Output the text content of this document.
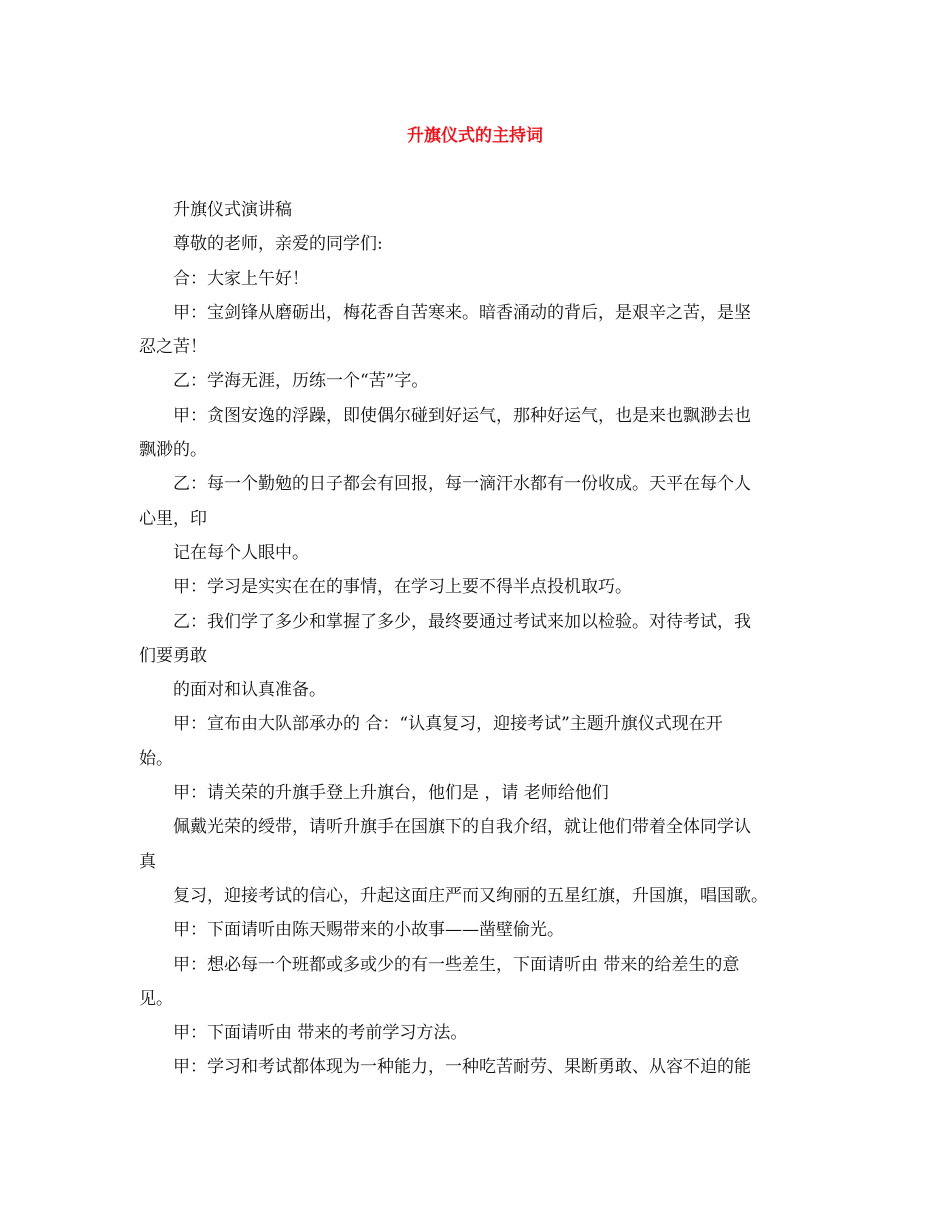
升旗仪式的主持词
升旗仪式演讲稿
尊敬的老师，亲爱的同学们:
合：大家上午好！
甲：宝剑锋从磨砺出，梅花香自苦寒来。暗香涌动的背后，是艰辛之苦，是坚
忍之苦！
乙：学海无涯，历练一个“苦”字。
甲：贪图安逸的浮躁，即使偶尔碰到好运气，那种好运气，也是来也飘渺去也
飘渺的。
乙：每一个勤勉的日子都会有回报，每一滴汗水都有一份收成。天平在每个人
心里，印
记在每个人眼中。
甲：学习是实实在在的事情，在学习上要不得半点投机取巧。
乙：我们学了多少和掌握了多少，最终要通过考试来加以检验。对待考试，我
们要勇敢
的面对和认真准备。
甲：宣布由大队部承办的 合：“认真复习，迎接考试”主题升旗仪式现在开
始。
甲：请关荣的升旗手登上升旗台，他们是 ，请 老师给他们
佩戴光荣的绶带，请听升旗手在国旗下的自我介绍，就让他们带着全体同学认
真
复习，迎接考试的信心，升起这面庄严而又绚丽的五星红旗，升国旗，唱国歌。
甲：下面请听由陈天赐带来的小故事——凿壁偷光。
甲：想必每一个班都或多或少的有一些差生，下面请听由 带来的给差生的意
见。
甲：下面请听由 带来的考前学习方法。
甲：学习和考试都体现为一种能力，一种吃苦耐劳、果断勇敢、从容不迫的能
